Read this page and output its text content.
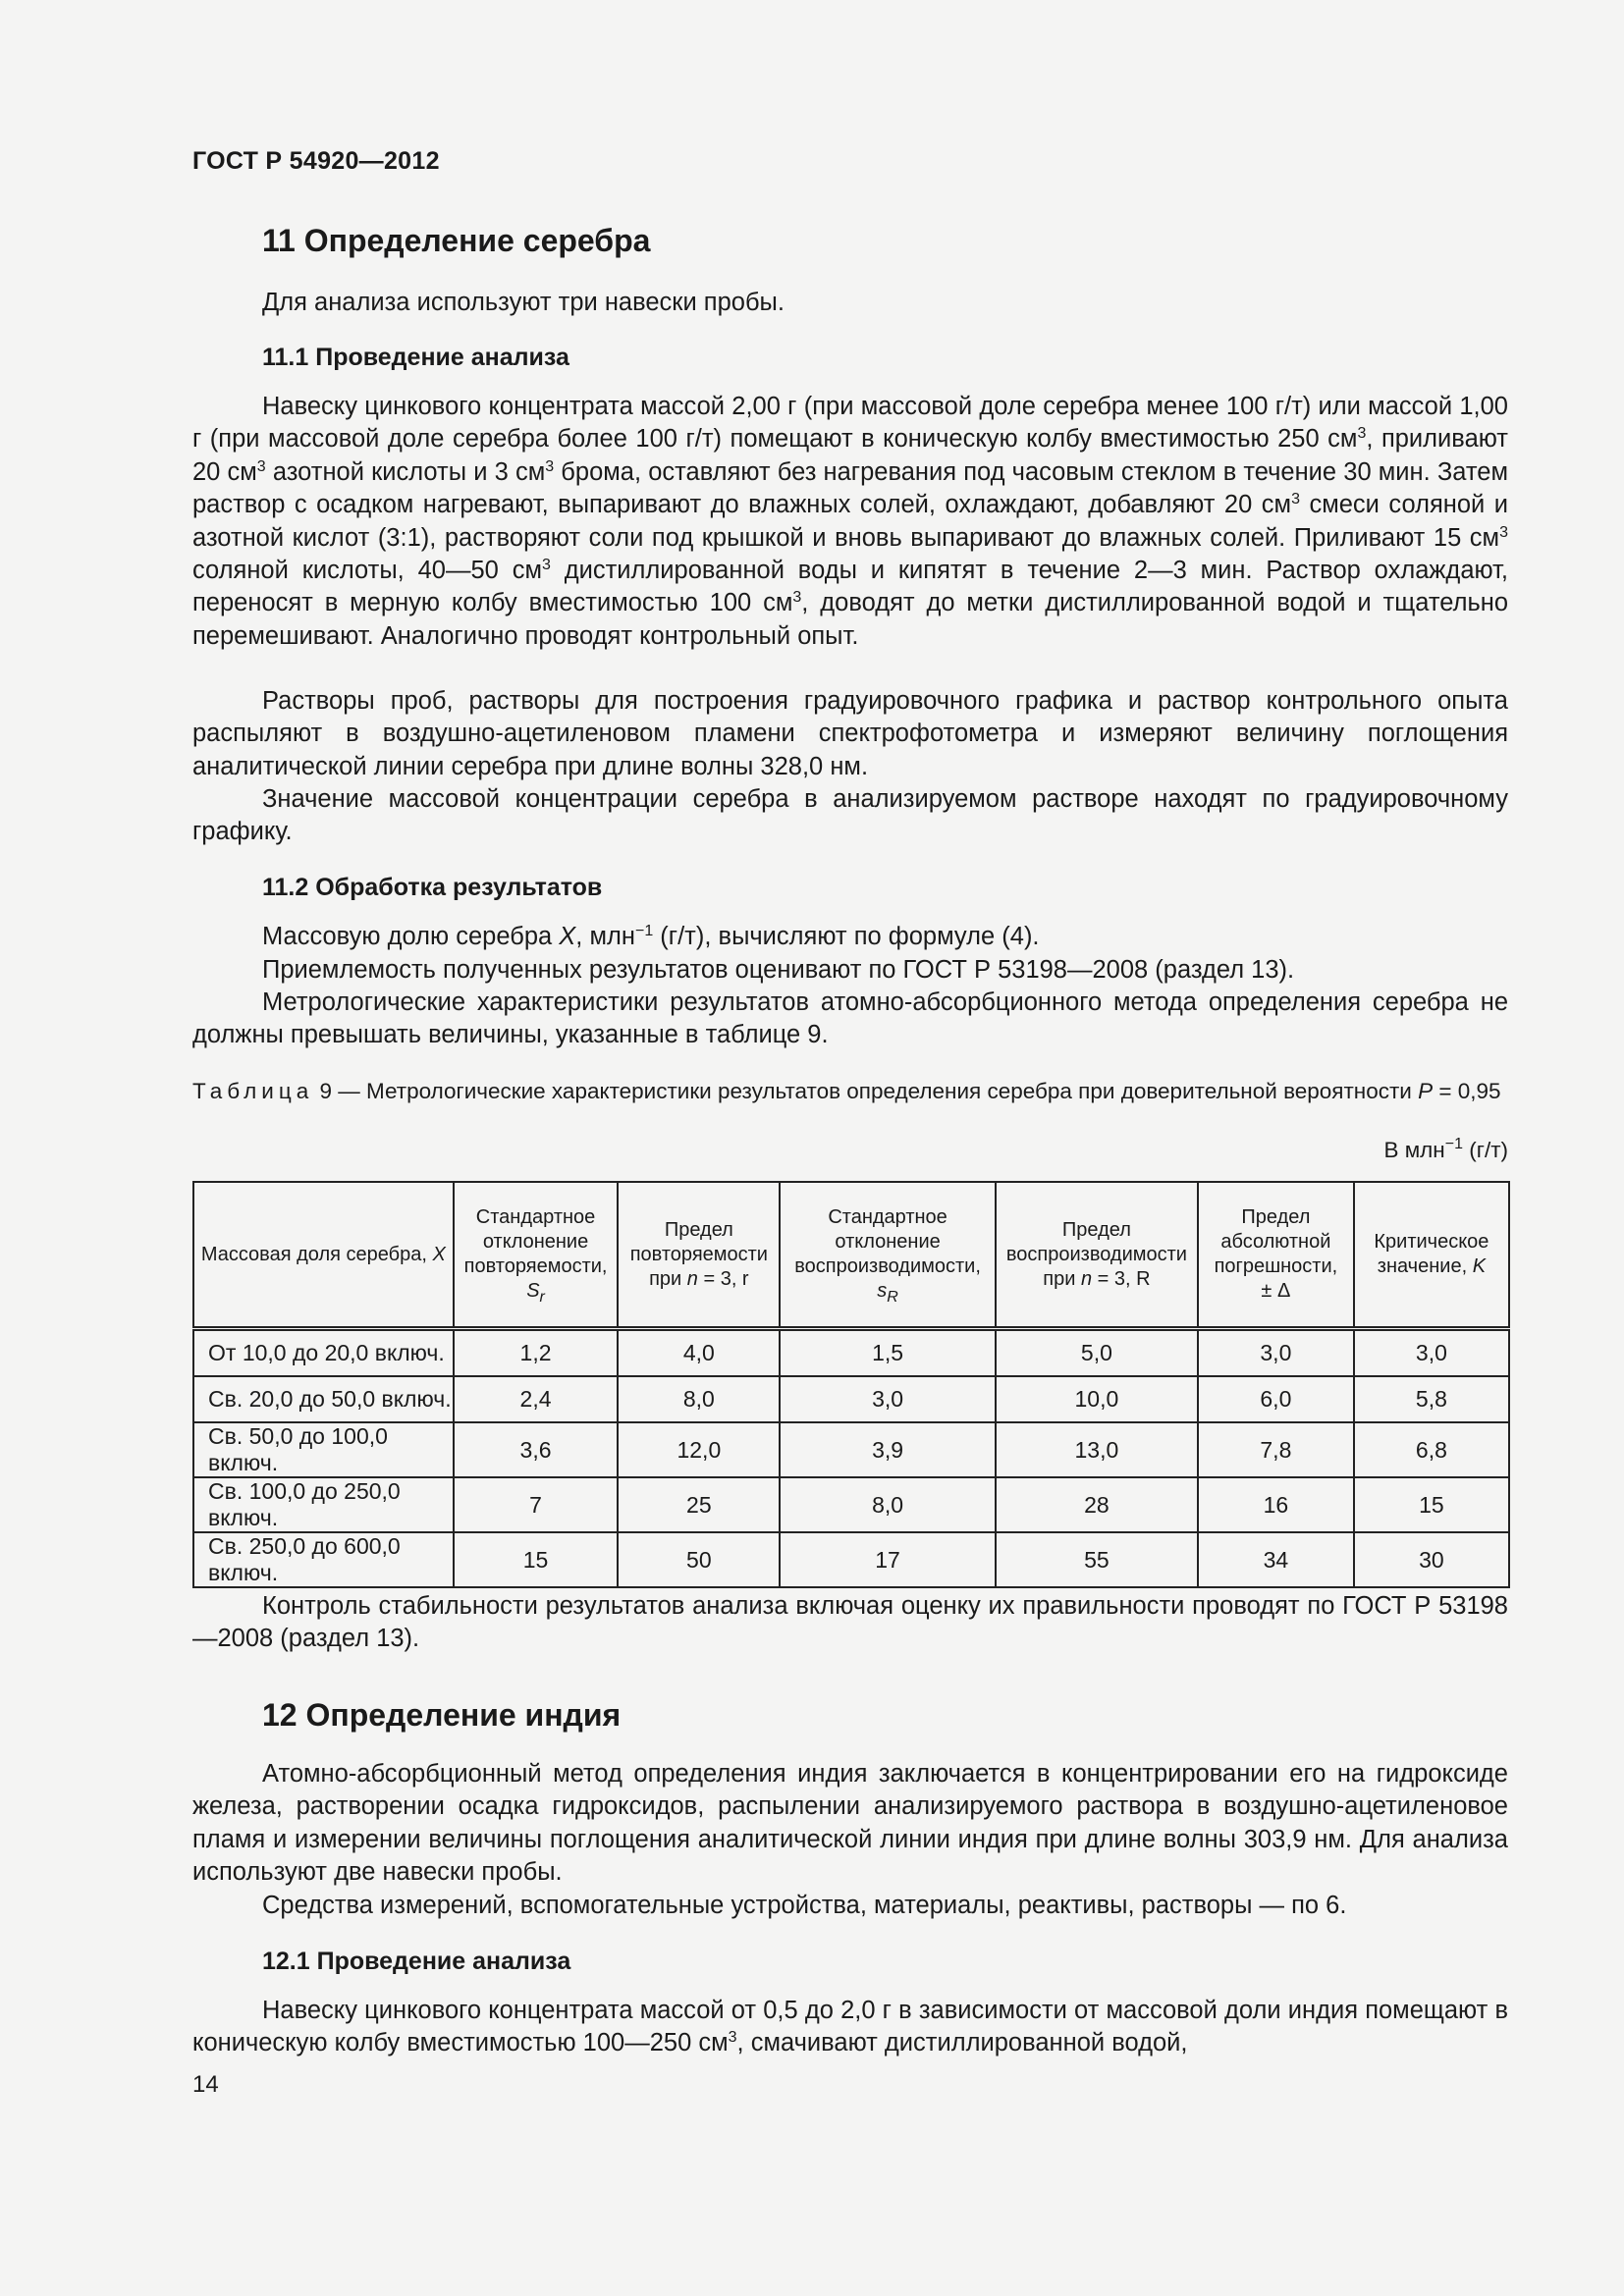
ГОСТ Р 54920—2012
11 Определение серебра
Для анализа используют три навески пробы.
11.1 Проведение анализа
Навеску цинкового концентрата массой 2,00 г (при массовой доле серебра менее 100 г/т) или массой 1,00 г (при массовой доле серебра более 100 г/т) помещают в коническую колбу вместимостью 250 $см^3$, приливают 20 $см^3$ азотной кислоты и 3 $см^3$ брома, оставляют без нагревания под часовым стеклом в течение 30 мин. Затем раствор с осадком нагревают, выпаривают до влажных солей, охлаждают, добавляют 20 $см^3$ смеси соляной и азотной кислот (3:1), растворяют соли под крышкой и вновь выпаривают до влажных солей. Приливают 15 $см^3$ соляной кислоты, 40—50 $см^3$ дистиллированной воды и кипятят в течение 2—3 мин. Раствор охлаждают, переносят в мерную колбу вместимостью 100 $см^3$, доводят до метки дистиллированной водой и тщательно перемешивают. Аналогично проводят контрольный опыт.
Растворы проб, растворы для построения градуировочного графика и раствор контрольного опыта распыляют в воздушно-ацетиленовом пламени спектрофотометра и измеряют величину поглощения аналитической линии серебра при длине волны 328,0 нм.
Значение массовой концентрации серебра в анализируемом растворе находят по градуировочному графику.
11.2 Обработка результатов
Массовую долю серебра X, млн$^{-1}$ (г/т), вычисляют по формуле (4).
Приемлемость полученных результатов оценивают по ГОСТ Р 53198—2008 (раздел 13).
Метрологические характеристики результатов атомно-абсорбционного метода определения серебра не должны превышать величины, указанные в таблице 9.
Таблица 9 — Метрологические характеристики результатов определения серебра при доверительной вероятности P = 0,95
В млн$^{-1}$ (г/т)
Массовая доля серебра, X	Стандартное отклонение повторяемости, $S_r$	Предел повторяемости при n = 3, r	Стандартное отклонение воспроизводимости, $s_R$	Предел воспроизводимости при n = 3, R	Предел абсолютной погрешности, ± Δ	Критическое значение, K
От 10,0 до 20,0 включ.	1,2	4,0	1,5	5,0	3,0	3,0
Св. 20,0 до 50,0 включ.	2,4	8,0	3,0	10,0	6,0	5,8
Св. 50,0 до 100,0 включ.	3,6	12,0	3,9	13,0	7,8	6,8
Св. 100,0 до 250,0 включ.	7	25	8,0	28	16	15
Св. 250,0 до 600,0 включ.	15	50	17	55	34	30
Контроль стабильности результатов анализа включая оценку их правильности проводят по ГОСТ Р 53198—2008 (раздел 13).
12 Определение индия
Атомно-абсорбционный метод определения индия заключается в концентрировании его на гидроксиде железа, растворении осадка гидроксидов, распылении анализируемого раствора в воздушно-ацетиленовое пламя и измерении величины поглощения аналитической линии индия при длине волны 303,9 нм. Для анализа используют две навески пробы.
Средства измерений, вспомогательные устройства, материалы, реактивы, растворы — по 6.
12.1 Проведение анализа
Навеску цинкового концентрата массой от 0,5 до 2,0 г в зависимости от массовой доли индия помещают в коническую колбу вместимостью 100—250 $см^3$, смачивают дистиллированной водой,
14
